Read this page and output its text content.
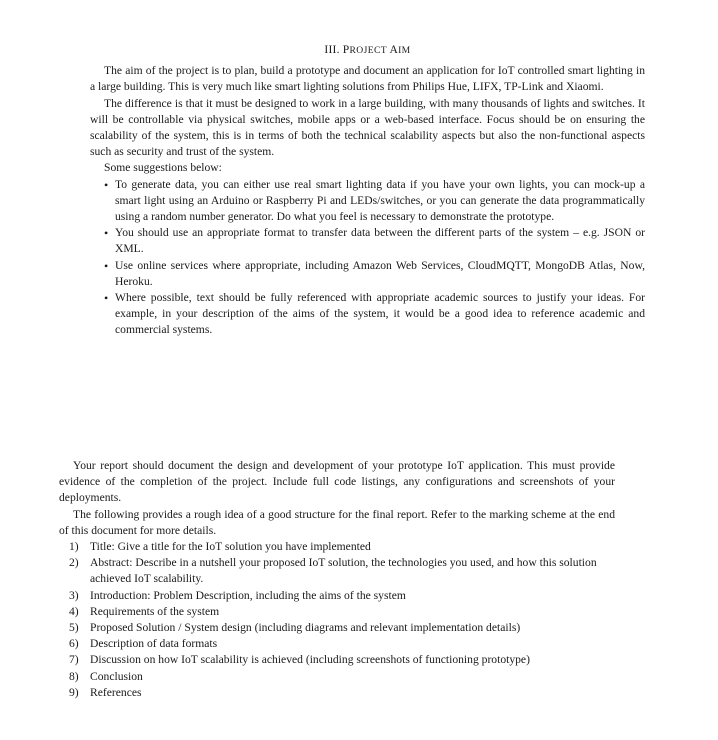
III. PROJECT AIM

The aim of the project is to plan, build a prototype and document an application for IoT controlled smart lighting in a large building. This is very much like smart lighting solutions from Philips Hue, LIFX, TP-Link and Xiaomi.

The difference is that it must be designed to work in a large building, with many thousands of lights and switches. It will be controllable via physical switches, mobile apps or a web-based interface. Focus should be on ensuring the scalability of the system, this is in terms of both the technical scalability aspects but also the non-functional aspects such as security and trust of the system.

Some suggestions below:

• To generate data, you can either use real smart lighting data if you have your own lights, you can mock-up a smart light using an Arduino or Raspberry Pi and LEDs/switches, or you can generate the data programmatically using a random number generator. Do what you feel is necessary to demonstrate the prototype.
• You should use an appropriate format to transfer data between the different parts of the system – e.g. JSON or XML.
• Use online services where appropriate, including Amazon Web Services, CloudMQTT, MongoDB Atlas, Now, Heroku.
• Where possible, text should be fully referenced with appropriate academic sources to justify your ideas. For example, in your description of the aims of the system, it would be a good idea to reference academic and commercial systems.

Your report should document the design and development of your prototype IoT application. This must provide evidence of the completion of the project. Include full code listings, any configurations and screenshots of your deployments.

The following provides a rough idea of a good structure for the final report. Refer to the marking scheme at the end of this document for more details.

1) Title: Give a title for the IoT solution you have implemented
2) Abstract: Describe in a nutshell your proposed IoT solution, the technologies you used, and how this solution achieved IoT scalability.
3) Introduction: Problem Description, including the aims of the system
4) Requirements of the system
5) Proposed Solution / System design (including diagrams and relevant implementation details)
6) Description of data formats
7) Discussion on how IoT scalability is achieved (including screenshots of functioning prototype)
8) Conclusion
9) References
